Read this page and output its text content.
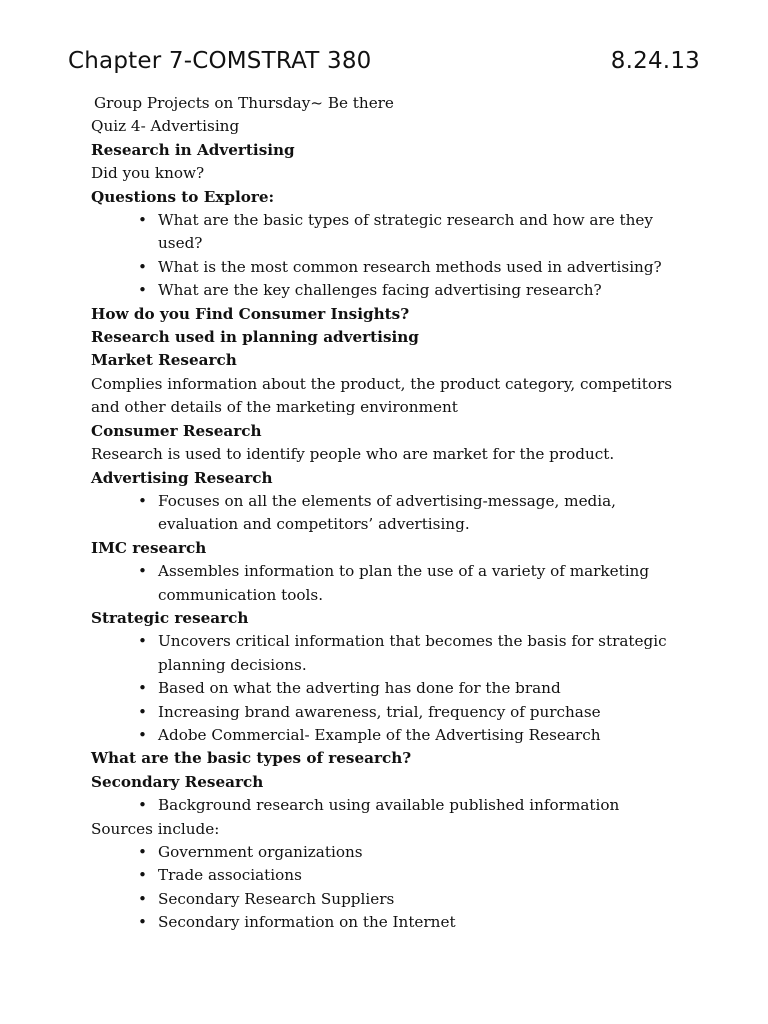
Chapter 7-COMSTRAT 380	8.24.13
Group Projects on Thursday~ Be there
Quiz 4- Advertising
Research in Advertising
Did you know?
Questions to Explore:
• What are the basic types of strategic research and how are they used?
• What is the most common research methods used in advertising?
• What are the key challenges facing advertising research?
How do you Find Consumer Insights?
Research used in planning advertising
Market Research
Complies information about the product, the product category, competitors and other details of the marketing environment
Consumer Research
Research is used to identify people who are market for the product.
Advertising Research
• Focuses on all the elements of advertising-message, media, evaluation and competitors’ advertising.
IMC research
• Assembles information to plan the use of a variety of marketing communication tools.
Strategic research
• Uncovers critical information that becomes the basis for strategic planning decisions.
• Based on what the adverting has done for the brand
• Increasing brand awareness, trial, frequency of purchase
• Adobe Commercial- Example of the Advertising Research
What are the basic types of research?
Secondary Research
• Background research using available published information
Sources include:
• Government organizations
• Trade associations
• Secondary Research Suppliers
• Secondary information on the Internet
